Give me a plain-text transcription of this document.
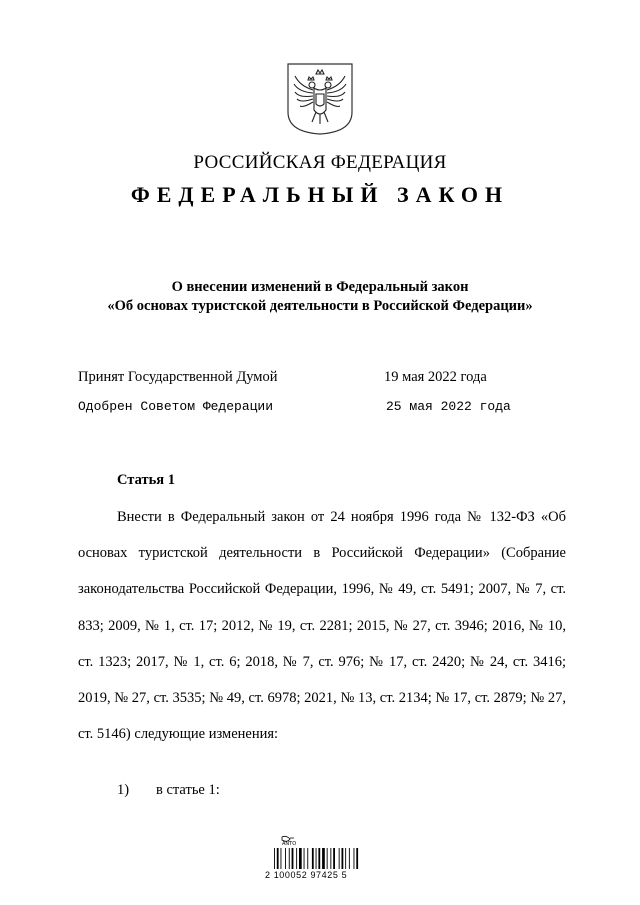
РОССИЙСКАЯ ФЕДЕРАЦИЯ
ФЕДЕРАЛЬНЫЙ ЗАКОН
О внесении изменений в Федеральный закон
«Об основах туристской деятельности в Российской Федерации»
Принят Государственной Думой	19 мая 2022 года
Одобрен Советом Федерации	25 мая 2022 года
Статья 1
Внести в Федеральный закон от 24 ноября 1996 года № 132-ФЗ «Об основах туристской деятельности в Российской Федерации» (Собрание законодательства Российской Федерации, 1996, № 49, ст. 5491; 2007, № 7, ст. 833; 2009, № 1, ст. 17; 2012, № 19, ст. 2281; 2015, № 27, ст. 3946; 2016, № 10, ст. 1323; 2017, № 1, ст. 6; 2018, № 7, ст. 976; № 17, ст. 2420; № 24, ст. 3416; 2019, № 27, ст. 3535; № 49, ст. 6978; 2021, № 13, ст. 2134; № 17, ст. 2879; № 27, ст. 5146) следующие изменения:
1) в статье 1:
ANTO
2 100052 97425 5
